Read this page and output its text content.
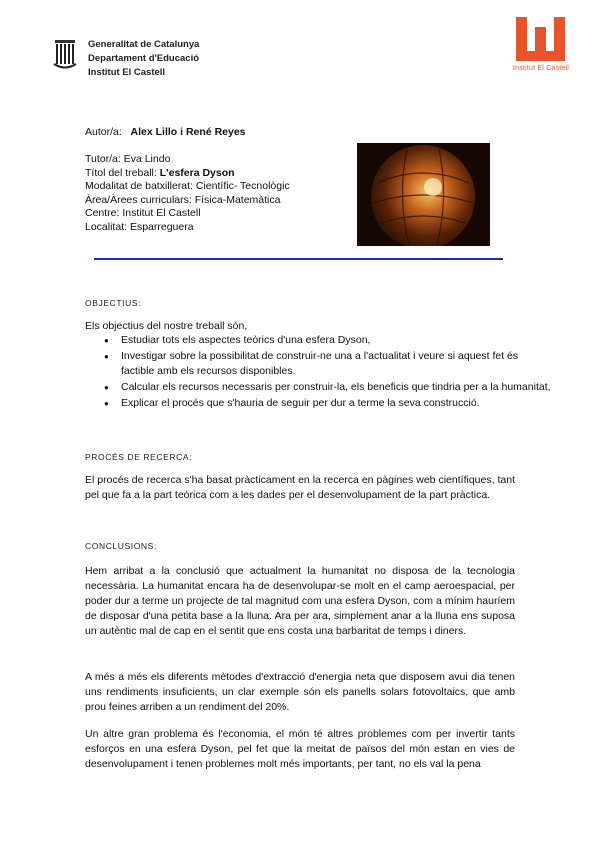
Generalitat de Catalunya
Departament d'Educació
Institut El Castell	Institut El Castell
Autor/a: Alex Lillo i René Reyes
Tutor/a: Eva Lindo
Títol del treball: L'esfera Dyson
Modalitat de batxillerat: Científic- Tecnològic
Àrea/Àrees curriculars: Física-Matemàtica
Centre: Institut El Castell
Localitat: Esparreguera
OBJECTIUS:
Els objectius del nostre treball són,
● Estudiar tots els aspectes teòrics d'una esfera Dyson,
● Investigar sobre la possibilitat de construir-ne una a l'actualitat i veure si aquest fet és factible amb els recursos disponibles.
● Calcular els recursos necessaris per construir-la, els beneficis que tindria per a la humanitat,
● Explicar el procés que s'hauria de seguir per dur a terme la seva construcció.
PROCÉS DE RECERCA:
El procés de recerca s'ha basat pràcticament en la recerca en pàgines web científiques, tant pel que fa a la part teòrica com a les dades per el desenvolupament de la part pràctica.
CONCLUSIONS:
Hem arribat a la conclusió que actualment la humanitat no disposa de la tecnologia necessària. La humanitat encara ha de desenvolupar-se molt en el camp aeroespacial, per poder dur a terme un projecte de tal magnitud com una esfera Dyson, com a mínim hauríem de disposar d'una petita base a la lluna. Ara per ara, simplement anar a la lluna ens suposa un autèntic mal de cap en el sentit que ens costa una barbaritat de temps i diners.
A més a més els diferents mètodes d'extracció d'energia neta que disposem avui dia tenen uns rendiments insuficients, un clar exemple són els panells solars fotovoltaics, que amb prou feines arriben a un rendiment del 20%.
Un altre gran problema és l'economia, el món té altres problemes com per invertir tants esforços en una esfera Dyson, pel fet que la meitat de països del món estan en vies de desenvolupament i tenen problemes molt més importants, per tant, no els val la pena
